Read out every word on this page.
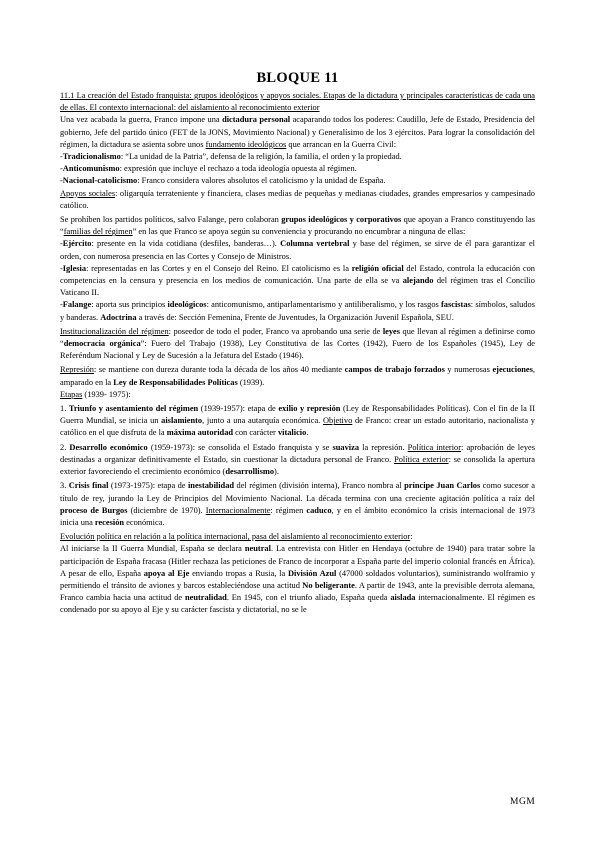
BLOQUE 11

11.1 La creación del Estado franquista: grupos ideológicos y apoyos sociales. Etapas de la dictadura y principales características de cada una de ellas. El contexto internacional: del aislamiento al reconocimiento exterior

Una vez acabada la guerra, Franco impone una dictadura personal acaparando todos los poderes: Caudillo, Jefe de Estado, Presidencia del gobierno, Jefe del partido único (FET de la JONS, Movimiento Nacional) y Generalísimo de los 3 ejércitos. Para lograr la consolidación del régimen, la dictadura se asienta sobre unos fundamento ideológicos que arrancan en la Guerra Civil:

-Tradicionalismo: “La unidad de la Patria”, defensa de la religión, la familia, el orden y la propiedad.

-Anticomunismo: expresión que incluye el rechazo a toda ideología opuesta al régimen.

-Nacional-catolicismo: Franco considera valores absolutos el catolicismo y la unidad de España.

Apoyos sociales: oligarquía terrateniente y financiera, clases medias de pequeñas y medianas ciudades, grandes empresarios y campesinado católico.

Se prohíben los partidos políticos, salvo Falange, pero colaboran grupos ideológicos y corporativos que apoyan a Franco constituyendo las “familias del régimen” en las que Franco se apoya según su conveniencia y procurando no encumbrar a ninguna de ellas:

-Ejército: presente en la vida cotidiana (desfiles, banderas…). Columna vertebral y base del régimen, se sirve de él para garantizar el orden, con numerosa presencia en las Cortes y Consejo de Ministros.

-Iglesia: representadas en las Cortes y en el Consejo del Reino. El catolicismo es la religión oficial del Estado, controla la educación con competencias en la censura y presencia en los medios de comunicación. Una parte de ella se va alejando del régimen tras el Concilio Vaticano II.

-Falange: aporta sus principios ideológicos: anticomunismo, antiparlamentarismo y antiliberalismo, y los rasgos fascistas: símbolos, saludos y banderas. Adoctrina a través de: Sección Femenina, Frente de Juventudes, la Organización Juvenil Española, SEU.

Institucionalización del régimen: poseedor de todo el poder, Franco va aprobando una serie de leyes que llevan al régimen a definirse como “democracia orgánica”: Fuero del Trabajo (1938), Ley Constitutiva de las Cortes (1942), Fuero de los Españoles (1945), Ley de Referéndum Nacional y Ley de Sucesión a la Jefatura del Estado (1946).

Represión: se mantiene con dureza durante toda la década de los años 40 mediante campos de trabajo forzados y numerosas ejecuciones, amparado en la Ley de Responsabilidades Políticas (1939).

Etapas (1939- 1975):

1. Triunfo y asentamiento del régimen (1939-1957): etapa de exilio y represión (Ley de Responsabilidades Políticas). Con el fin de la II Guerra Mundial, se inicia un aislamiento, junto a una autarquía económica. Objetivo de Franco: crear un estado autoritario, nacionalista y católico en el que disfruta de la máxima autoridad con carácter vitalicio.

2. Desarrollo económico (1959-1973): se consolida el Estado franquista y se suaviza la represión. Política interior: aprobación de leyes destinadas a organizar definitivamente el Estado, sin cuestionar la dictadura personal de Franco. Política exterior: se consolida la apertura exterior favoreciendo el crecimiento económico (desarrollismo).

3. Crisis final (1973-1975): etapa de inestabilidad del régimen (división interna), Franco nombra al príncipe Juan Carlos como sucesor a título de rey, jurando la Ley de Principios del Movimiento Nacional. La década termina con una creciente agitación política a raíz del proceso de Burgos (diciembre de 1970). Internacionalmente: régimen caduco, y en el ámbito económico la crisis internacional de 1973 inicia una recesión económica.

Evolución política en relación a la política internacional, pasa del aislamiento al reconocimiento exterior:

Al iniciarse la II Guerra Mundial, España se declara neutral. La entrevista con Hitler en Hendaya (octubre de 1940) para tratar sobre la participación de España fracasa (Hitler rechaza las peticiones de Franco de incorporar a España parte del imperio colonial francés en África). A pesar de ello, España apoya al Eje enviando tropas a Rusia, la División Azul (47000 soldados voluntarios), suministrando wolframio y permitiendo el tránsito de aviones y barcos estableciéndose una actitud No beligerante. A partir de 1943, ante la previsible derrota alemana, Franco cambia hacia una actitud de neutralidad. En 1945, con el triunfo aliado, España queda aislada internacionalmente. El régimen es condenado por su apoyo al Eje y su carácter fascista y dictatorial, no se le

MGM
